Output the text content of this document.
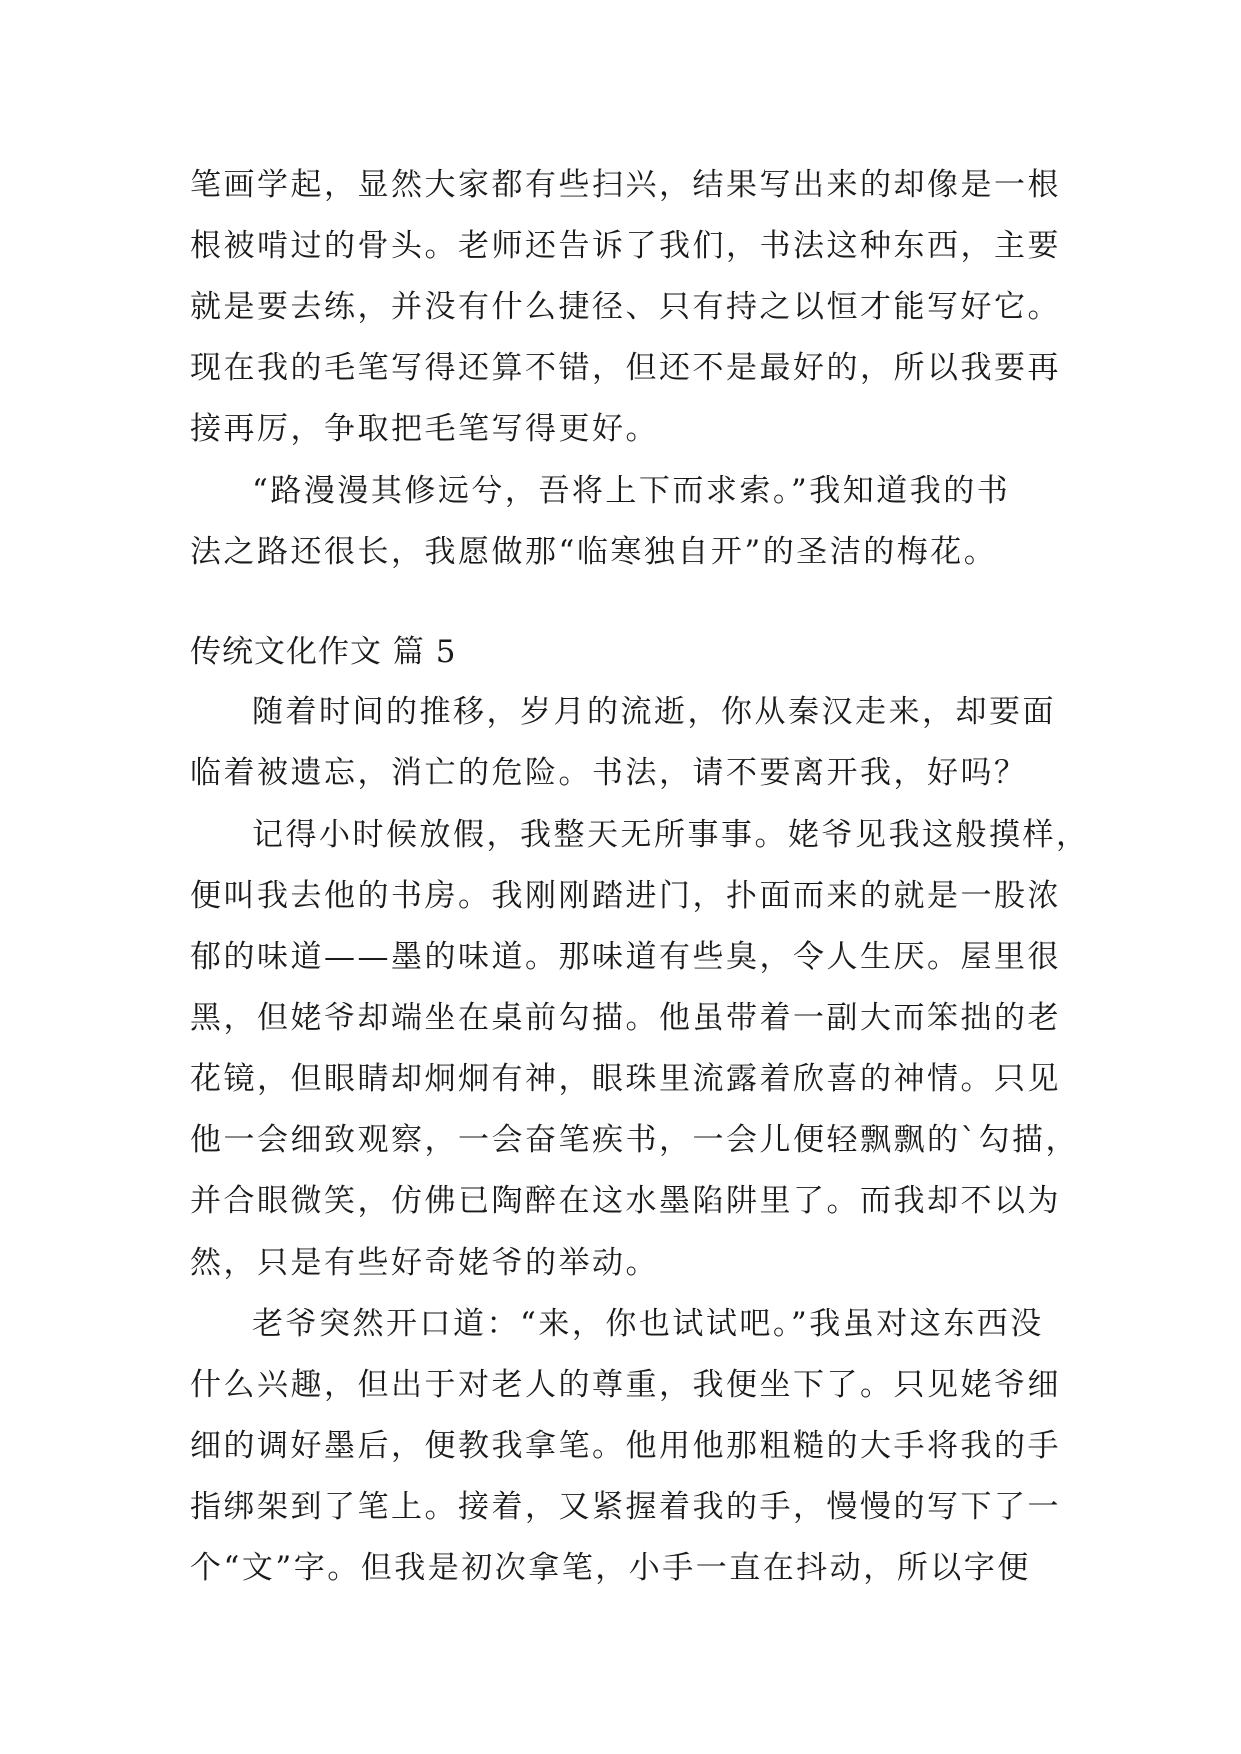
笔画学起，显然大家都有些扫兴，结果写出来的却像是一根
根被啃过的骨头。老师还告诉了我们，书法这种东西，主要
就是要去练，并没有什么捷径、只有持之以恒才能写好它。
现在我的毛笔写得还算不错，但还不是最好的，所以我要再
接再厉，争取把毛笔写得更好。
“路漫漫其修远兮，吾将上下而求索。”我知道我的书
法之路还很长，我愿做那“临寒独自开”的圣洁的梅花。
传统文化作文 篇 5
随着时间的推移，岁月的流逝，你从秦汉走来，却要面
临着被遗忘，消亡的危险。书法，请不要离开我，好吗？
记得小时候放假，我整天无所事事。姥爷见我这般摸样，
便叫我去他的书房。我刚刚踏进门，扑面而来的就是一股浓
郁的味道——墨的味道。那味道有些臭，令人生厌。屋里很
黑，但姥爷却端坐在桌前勾描。他虽带着一副大而笨拙的老
花镜，但眼睛却炯炯有神，眼珠里流露着欣喜的神情。只见
他一会细致观察，一会奋笔疾书，一会儿便轻飘飘的`勾描，
并合眼微笑，仿佛已陶醉在这水墨陷阱里了。而我却不以为
然，只是有些好奇姥爷的举动。
老爷突然开口道：“来，你也试试吧。”我虽对这东西没
什么兴趣，但出于对老人的尊重，我便坐下了。只见姥爷细
细的调好墨后，便教我拿笔。他用他那粗糙的大手将我的手
指绑架到了笔上。接着，又紧握着我的手，慢慢的写下了一
个“文”字。但我是初次拿笔，小手一直在抖动，所以字便
